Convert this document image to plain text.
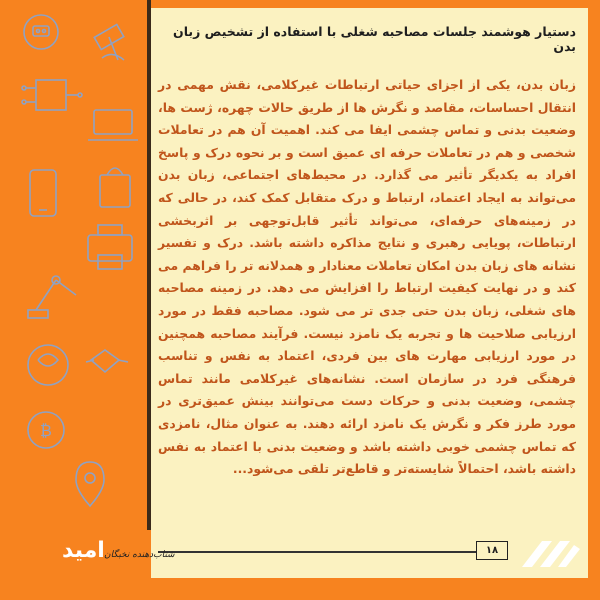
₿
دستیار هوشمند جلسات مصاحبه شغلی با استفاده از تشخیص زبان بدن
زبان بدن، یکی از اجزای حیاتی ارتباطات غیرکلامی، نقش مهمی در انتقال احساسات، مقاصد و نگرش ها از طریق حالات چهره، ژست ها، وضعیت بدنی و تماس چشمی ایفا می کند. اهمیت آن هم در تعاملات شخصی و هم در تعاملات حرفه ای عمیق است و بر نحوه درک و پاسخ افراد به یکدیگر تأثیر می گذارد. در محیط‌های اجتماعی، زبان بدن می‌تواند به ایجاد اعتماد، ارتباط و درک متقابل کمک کند، در حالی که در زمینه‌های حرفه‌ای، می‌تواند تأثیر قابل‌توجهی بر اثربخشی ارتباطات، پویایی رهبری و نتایج مذاکره داشته باشد. درک و تفسیر نشانه های زبان بدن امکان تعاملات معنادار و همدلانه تر را فراهم می کند و در نهایت کیفیت ارتباط را افزایش می دهد. در زمینه مصاحبه های شغلی، زبان بدن حتی جدی تر می شود. مصاحبه فقط در مورد ارزیابی صلاحیت ها و تجربه یک نامزد نیست. فرآیند مصاحبه همچنین در مورد ارزیابی مهارت های بین فردی، اعتماد به نفس و تناسب فرهنگی فرد در سازمان است. نشانه‌های غیرکلامی مانند تماس چشمی، وضعیت بدنی و حرکات دست می‌توانند بینش عمیق‌تری در مورد طرز فکر و نگرش یک نامزد ارائه دهند. به عنوان مثال، نامزدی که تماس چشمی خوبی داشته باشد و وضعیت بدنی با اعتماد به نفس داشته باشد، احتمالاً شایسته‌تر و قاطع‌تر تلقی می‌شود...
۱۸
امید شتاب‌دهنده نخبگان
